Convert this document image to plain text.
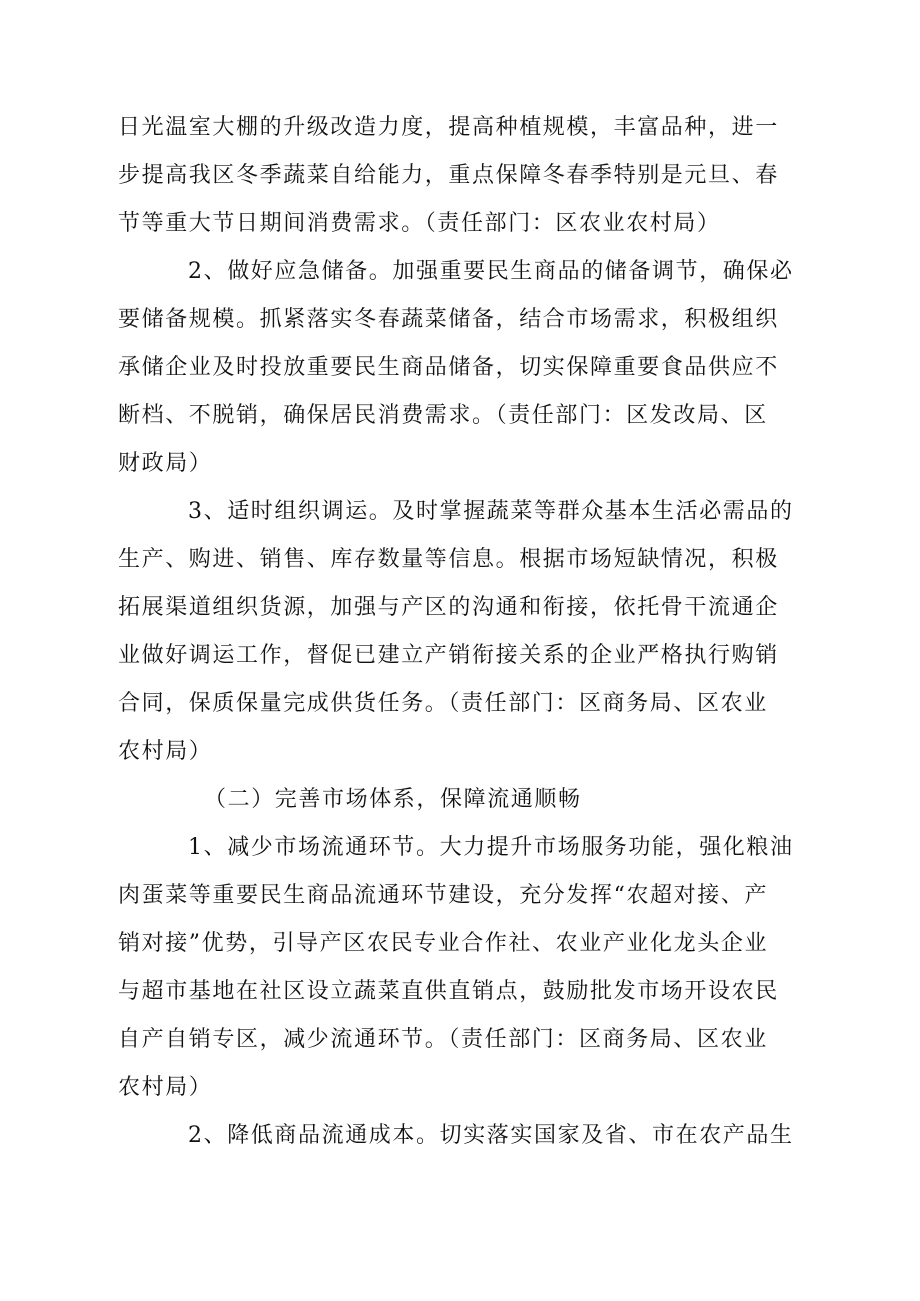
日光温室大棚的升级改造力度，提高种植规模，丰富品种，进一
步提高我区冬季蔬菜自给能力，重点保障冬春季特别是元旦、春
节等重大节日期间消费需求。（责任部门：区农业农村局）
2、做好应急储备。加强重要民生商品的储备调节，确保必
要储备规模。抓紧落实冬春蔬菜储备，结合市场需求，积极组织
承储企业及时投放重要民生商品储备，切实保障重要食品供应不
断档、不脱销，确保居民消费需求。（责任部门：区发改局、区
财政局）
3、适时组织调运。及时掌握蔬菜等群众基本生活必需品的
生产、购进、销售、库存数量等信息。根据市场短缺情况，积极
拓展渠道组织货源，加强与产区的沟通和衔接，依托骨干流通企
业做好调运工作，督促已建立产销衔接关系的企业严格执行购销
合同，保质保量完成供货任务。（责任部门：区商务局、区农业
农村局）
（二）完善市场体系，保障流通顺畅
1、减少市场流通环节。大力提升市场服务功能，强化粮油
肉蛋菜等重要民生商品流通环节建设，充分发挥“农超对接、产
销对接”优势，引导产区农民专业合作社、农业产业化龙头企业
与超市基地在社区设立蔬菜直供直销点，鼓励批发市场开设农民
自产自销专区，减少流通环节。（责任部门：区商务局、区农业
农村局）
2、降低商品流通成本。切实落实国家及省、市在农产品生
